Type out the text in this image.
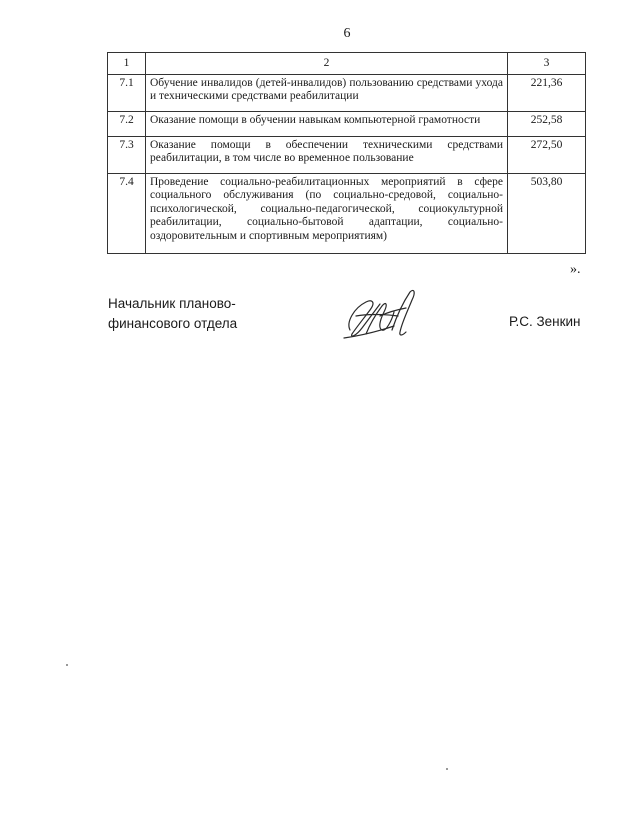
6
1	2	3
7.1	Обучение инвалидов (детей-инвалидов) пользованию средствами ухода и техническими средствами реабилитации	221,36
7.2	Оказание помощи в обучении навыкам компьютерной грамотности	252,58
7.3	Оказание помощи в обеспечении техническими средствами реабилитации, в том числе во временное пользование	272,50
7.4	Проведение социально-реабилитационных мероприятий в сфере социального обслуживания (по социально-средовой, социально-психологической, социально-педагогической, социокультурной реабилитации, социально-бытовой адаптации, социально-оздоровительным и спортивным мероприятиям)	503,80
».
Начальник планово-
финансового отдела	Р.С. Зенкин
